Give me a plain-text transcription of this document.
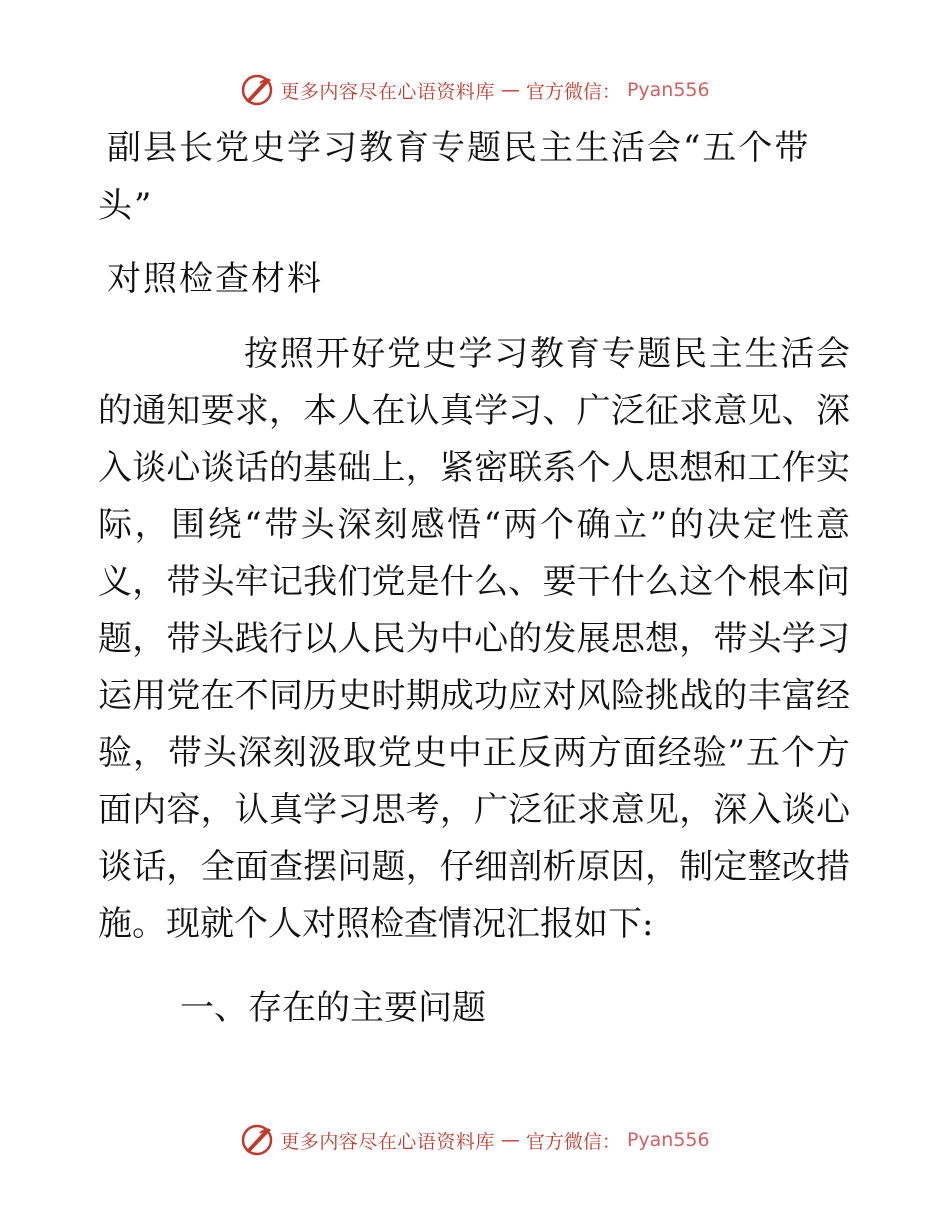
更多内容尽在心语资料库 — 官方微信： Pyan556
副县长党史学习教育专题民主生活会“五个带
头”
对照检查材料

按照开好党史学习教育专题民主生活会的通知要求，本人在认真学习、广泛征求意见、深入谈心谈话的基础上，紧密联系个人思想和工作实际，围绕“带头深刻感悟“两个确立”的决定性意义，带头牢记我们党是什么、要干什么这个根本问题，带头践行以人民为中心的发展思想，带头学习运用党在不同历史时期成功应对风险挑战的丰富经验，带头深刻汲取党史中正反两方面经验”五个方面内容，认真学习思考，广泛征求意见，深入谈心谈话，全面查摆问题，仔细剖析原因，制定整改措施。现就个人对照检查情况汇报如下:

一、存在的主要问题
更多内容尽在心语资料库 — 官方微信： Pyan556
